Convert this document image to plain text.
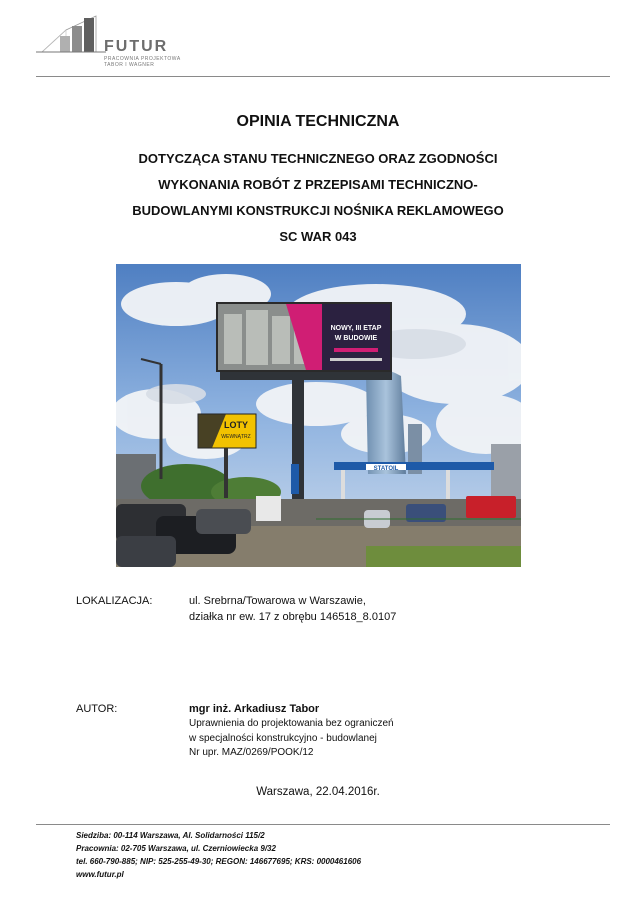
FUTUR
PRACOWNIA PROJEKTOWA
TABOR I WAGNER
OPINIA TECHNICZNA
DOTYCZĄCA STANU TECHNICZNEGO ORAZ ZGODNOŚCI
WYKONANIA ROBÓT Z PRZEPISAMI TECHNICZNO-
BUDOWLANYMI KONSTRUKCJI NOŚNIKA REKLAMOWEGO
SC WAR 043
NOWY, III ETAP
W BUDOWIE
LOTY
WEWNĄTRZ
STATOIL
LOKALIZACJA:	ul. Srebrna/Towarowa w Warszawie,
działka nr ew. 17 z obrębu 146518_8.0107
AUTOR:	mgr inż. Arkadiusz Tabor
Uprawnienia do projektowania bez ograniczeń
w specjalności konstrukcyjno - budowlanej
Nr upr. MAZ/0269/POOK/12
Warszawa, 22.04.2016r.
Siedziba: 00-114 Warszawa, Al. Solidarności 115/2
Pracownia: 02-705 Warszawa, ul. Czerniowiecka 9/32
tel. 660-790-885; NIP: 525-255-49-30; REGON: 146677695; KRS: 0000461606
www.futur.pl
